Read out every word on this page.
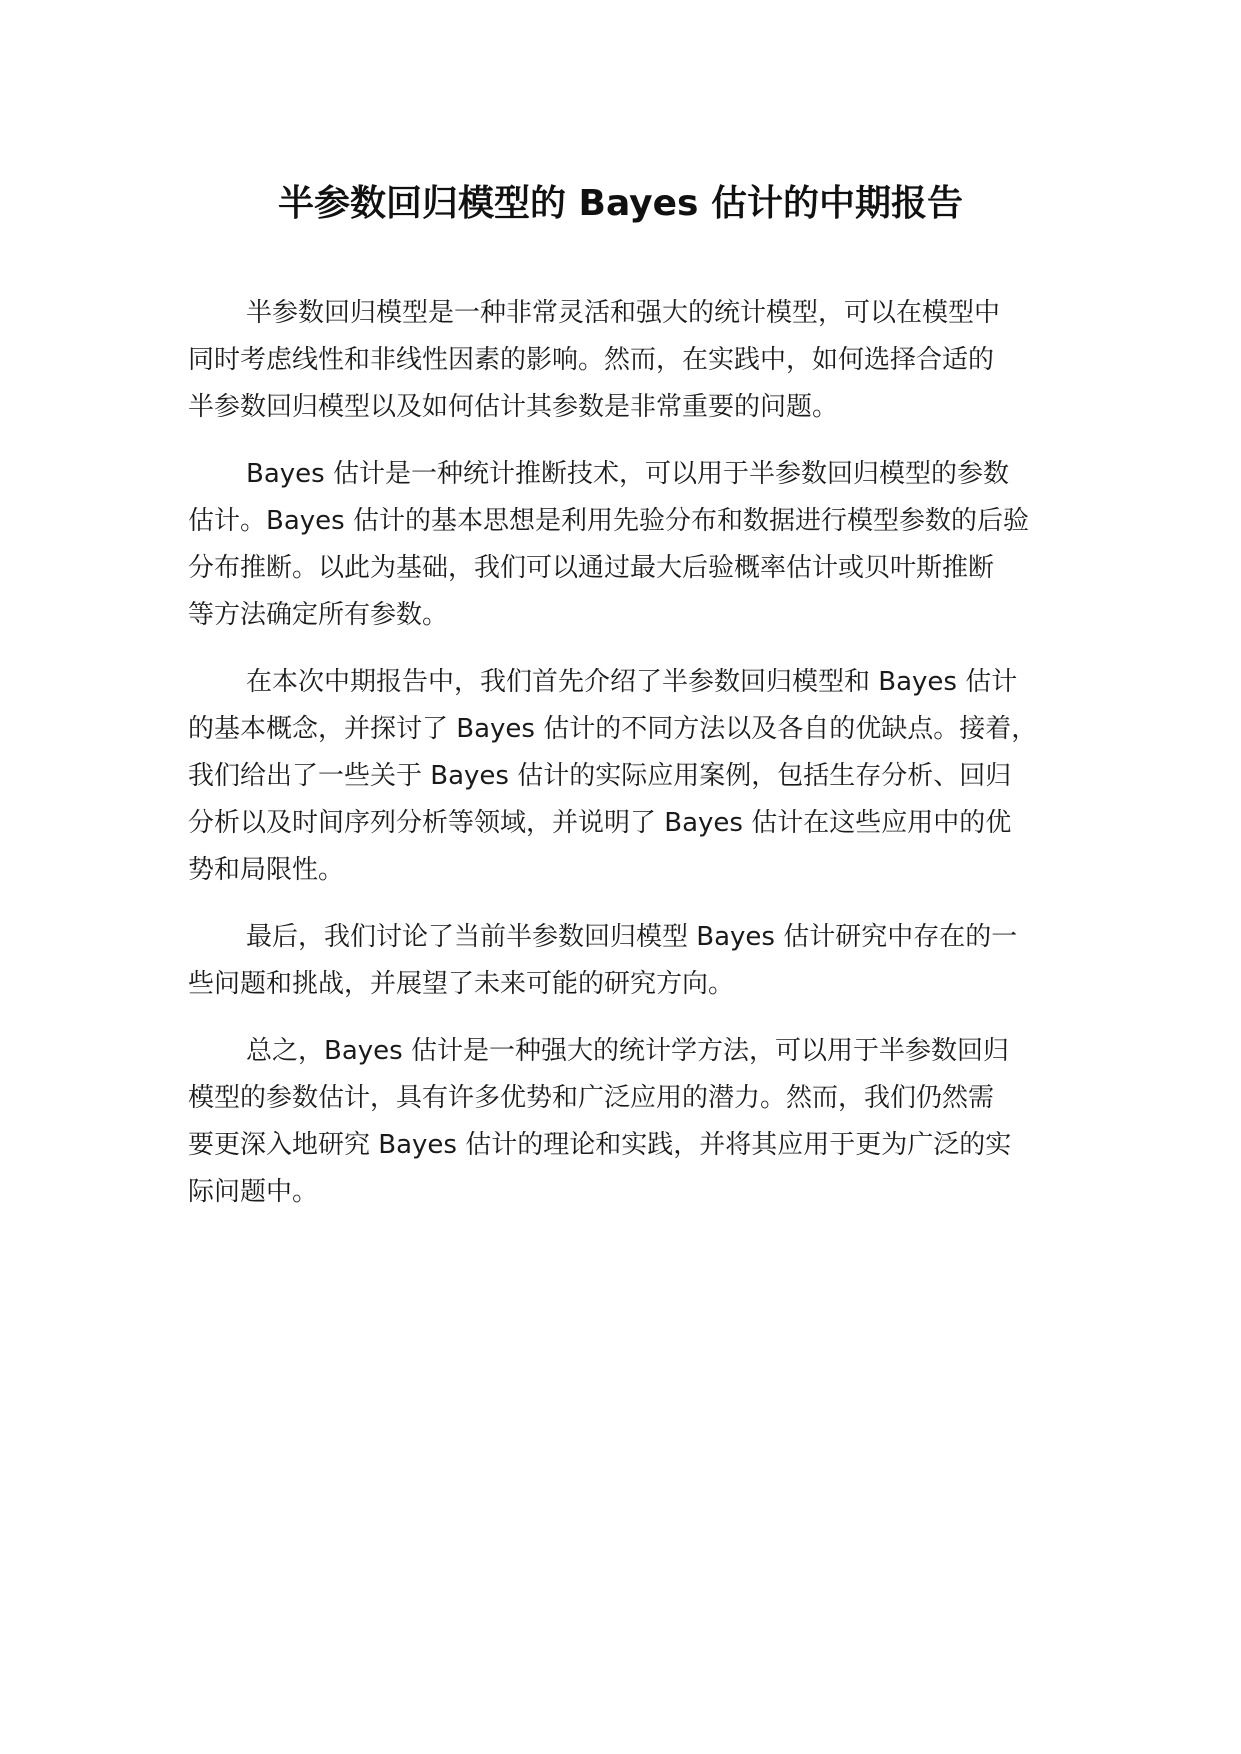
半参数回归模型的 Bayes 估计的中期报告
半参数回归模型是一种非常灵活和强大的统计模型，可以在模型中
同时考虑线性和非线性因素的影响。然而，在实践中，如何选择合适的
半参数回归模型以及如何估计其参数是非常重要的问题。
Bayes 估计是一种统计推断技术，可以用于半参数回归模型的参数
估计。Bayes 估计的基本思想是利用先验分布和数据进行模型参数的后验
分布推断。以此为基础，我们可以通过最大后验概率估计或贝叶斯推断
等方法确定所有参数。
在本次中期报告中，我们首先介绍了半参数回归模型和 Bayes 估计
的基本概念，并探讨了 Bayes 估计的不同方法以及各自的优缺点。接着，
我们给出了一些关于 Bayes 估计的实际应用案例，包括生存分析、回归
分析以及时间序列分析等领域，并说明了 Bayes 估计在这些应用中的优
势和局限性。
最后，我们讨论了当前半参数回归模型 Bayes 估计研究中存在的一
些问题和挑战，并展望了未来可能的研究方向。
总之，Bayes 估计是一种强大的统计学方法，可以用于半参数回归
模型的参数估计，具有许多优势和广泛应用的潜力。然而，我们仍然需
要更深入地研究 Bayes 估计的理论和实践，并将其应用于更为广泛的实
际问题中。
